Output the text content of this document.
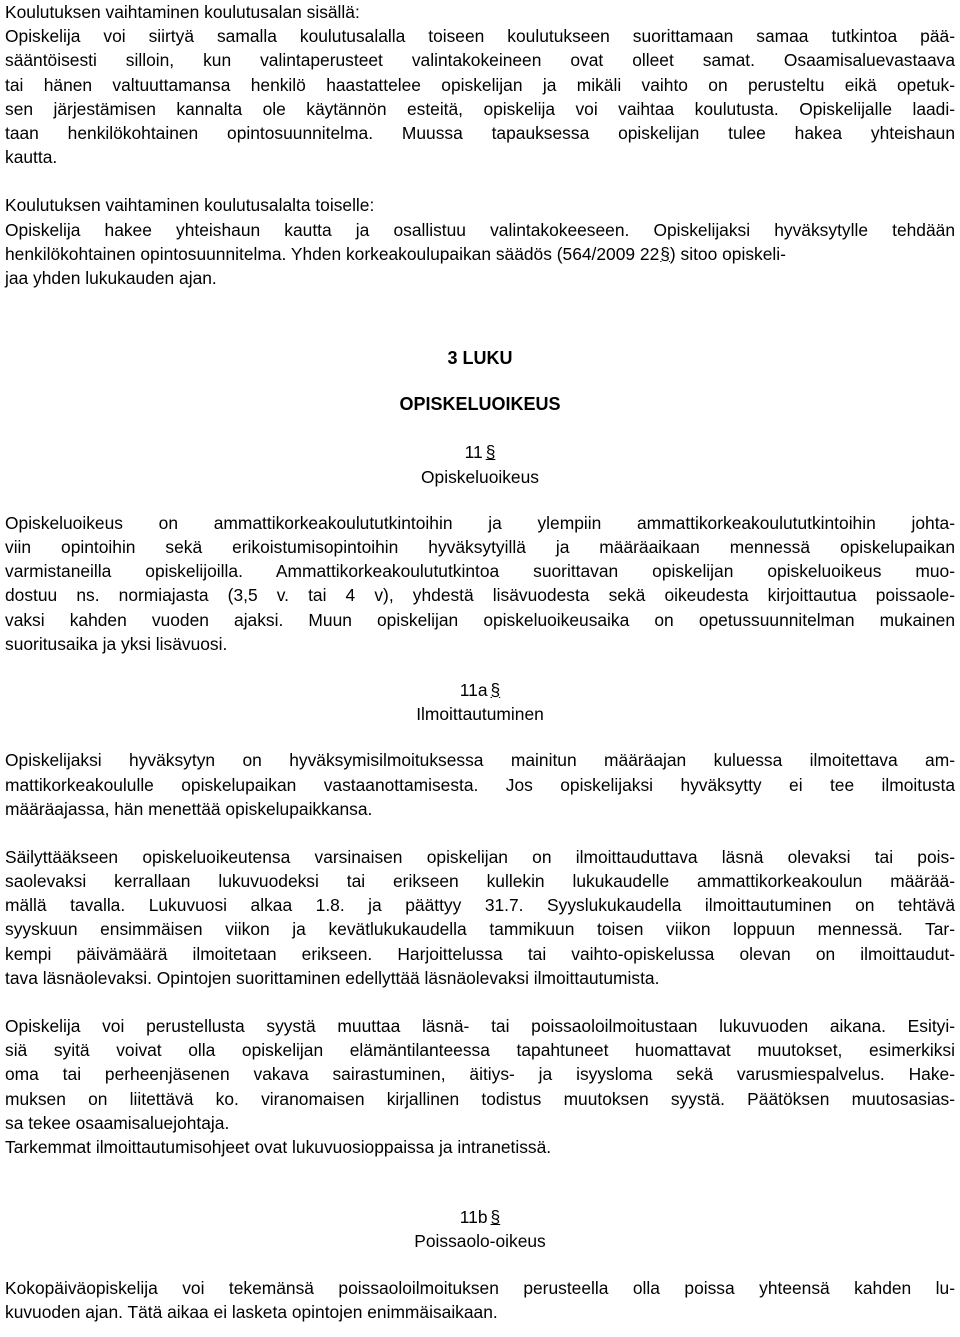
Koulutuksen vaihtaminen koulutusalan sisällä:
Opiskelija voi siirtyä samalla koulutusalalla toiseen koulutukseen suorittamaan samaa tutkintoa pää-
sääntöisesti silloin, kun valintaperusteet valintakokeineen ovat olleet samat. Osaamisaluevastaava
tai hänen valtuuttamansa henkilö haastattelee opiskelijan ja mikäli vaihto on perusteltu eikä opetuk-
sen järjestämisen kannalta ole käytännön esteitä, opiskelija voi vaihtaa koulutusta. Opiskelijalle laadi-
taan henkilökohtainen opintosuunnitelma. Muussa tapauksessa opiskelijan tulee hakea yhteishaun
kautta.
Koulutuksen vaihtaminen koulutusalalta toiselle:
Opiskelija hakee yhteishaun kautta ja osallistuu valintakokeeseen. Opiskelijaksi hyväksytylle tehdään
henkilökohtainen opintosuunnitelma. Yhden korkeakoulupaikan säädös (564/2009 22§) sitoo opiskeli-
jaa yhden lukukauden ajan.
3 LUKU
OPISKELUOIKEUS
11 §
Opiskeluoikeus
Opiskeluoikeus on ammattikorkeakoulututkintoihin ja ylempiin ammattikorkeakoulututkintoihin johta-
viin opintoihin sekä erikoistumisopintoihin hyväksytyillä ja määräaikaan mennessä opiskelupaikan
varmistaneilla opiskelijoilla. Ammattikorkeakoulututkintoa suorittavan opiskelijan opiskeluoikeus muo-
dostuu ns. normiajasta (3,5 v. tai 4 v), yhdestä lisävuodesta sekä oikeudesta kirjoittautua poissaole-
vaksi kahden vuoden ajaksi. Muun opiskelijan opiskeluoikeusaika on opetussuunnitelman mukainen
suoritusaika ja yksi lisävuosi.
11a §
Ilmoittautuminen
Opiskelijaksi hyväksytyn on hyväksymisilmoituksessa mainitun määräajan kuluessa ilmoitettava am-
mattikorkeakoululle opiskelupaikan vastaanottamisesta. Jos opiskelijaksi hyväksytty ei tee ilmoitusta
määräajassa, hän menettää opiskelupaikkansa.
Säilyttääkseen opiskeluoikeutensa varsinaisen opiskelijan on ilmoittauduttava läsnä olevaksi tai pois-
saolevaksi kerrallaan lukuvuodeksi tai erikseen kullekin lukukaudelle ammattikorkeakoulun määrää-
mällä tavalla. Lukuvuosi alkaa 1.8. ja päättyy 31.7. Syyslukukaudella ilmoittautuminen on tehtävä
syyskuun ensimmäisen viikon ja kevätlukukaudella tammikuun toisen viikon loppuun mennessä. Tar-
kempi päivämäärä ilmoitetaan erikseen. Harjoittelussa tai vaihto-opiskelussa olevan on ilmoittaudut-
tava läsnäolevaksi. Opintojen suorittaminen edellyttää läsnäolevaksi ilmoittautumista.
Opiskelija voi perustellusta syystä muuttaa läsnä- tai poissaoloilmoitustaan lukuvuoden aikana. Esityi-
siä syitä voivat olla opiskelijan elämäntilanteessa tapahtuneet huomattavat muutokset, esimerkiksi
oma tai perheenjäsenen vakava sairastuminen, äitiys- ja isyysloma sekä varusmiespalvelus. Hake-
muksen on liitettävä ko. viranomaisen kirjallinen todistus muutoksen syystä. Päätöksen muutosasias-
sa tekee osaamisaluejohtaja.
Tarkemmat ilmoittautumisohjeet ovat lukuvuosioppaissa ja intranetissä.
11b §
Poissaolo-oikeus
Kokopäiväopiskelija voi tekemänsä poissaoloilmoituksen perusteella olla poissa yhteensä kahden lu-
kuvuoden ajan. Tätä aikaa ei lasketa opintojen enimmäisaikaan.
